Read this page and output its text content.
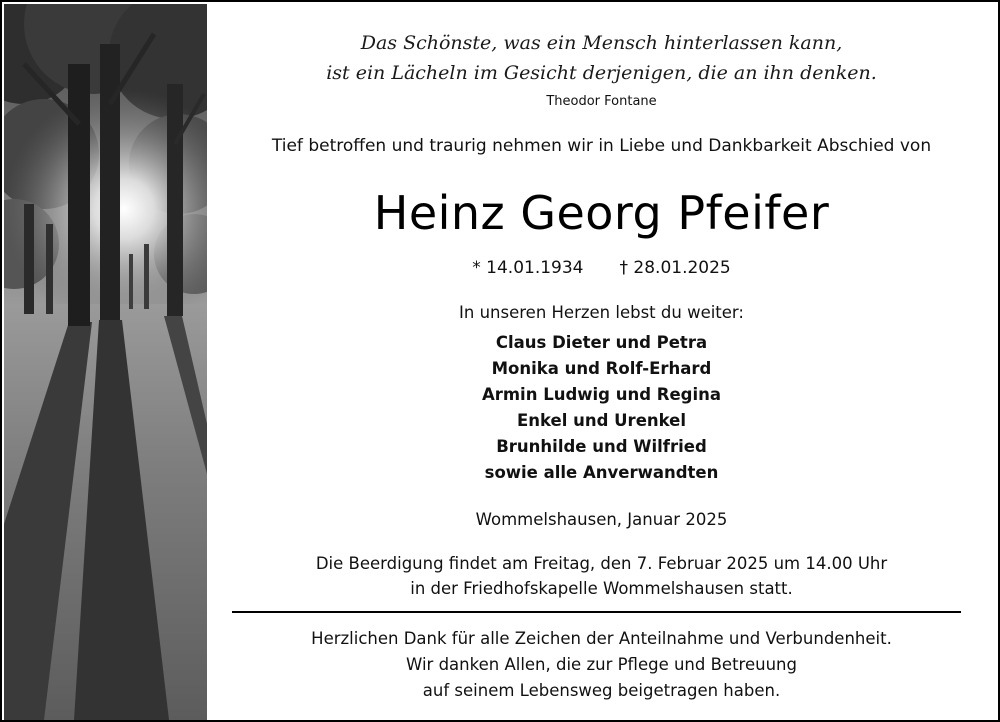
Das Schönste, was ein Mensch hinterlassen kann,

ist ein Lächeln im Gesicht derjenigen, die an ihn denken.

Theodor Fontane

Tief betroffen und traurig nehmen wir in Liebe und Dankbarkeit Abschied von

Heinz Georg Pfeifer

* 14.01.1934 † 28.01.2025

In unseren Herzen lebst du weiter:

Claus Dieter und Petra

Monika und Rolf-Erhard

Armin Ludwig und Regina

Enkel und Urenkel

Brunhilde und Wilfried

sowie alle Anverwandten

Wommelshausen, Januar 2025

Die Beerdigung findet am Freitag, den 7. Februar 2025 um 14.00 Uhr

in der Friedhofskapelle Wommelshausen statt.

Herzlichen Dank für alle Zeichen der Anteilnahme und Verbundenheit.

Wir danken Allen, die zur Pflege und Betreuung

auf seinem Lebensweg beigetragen haben.
